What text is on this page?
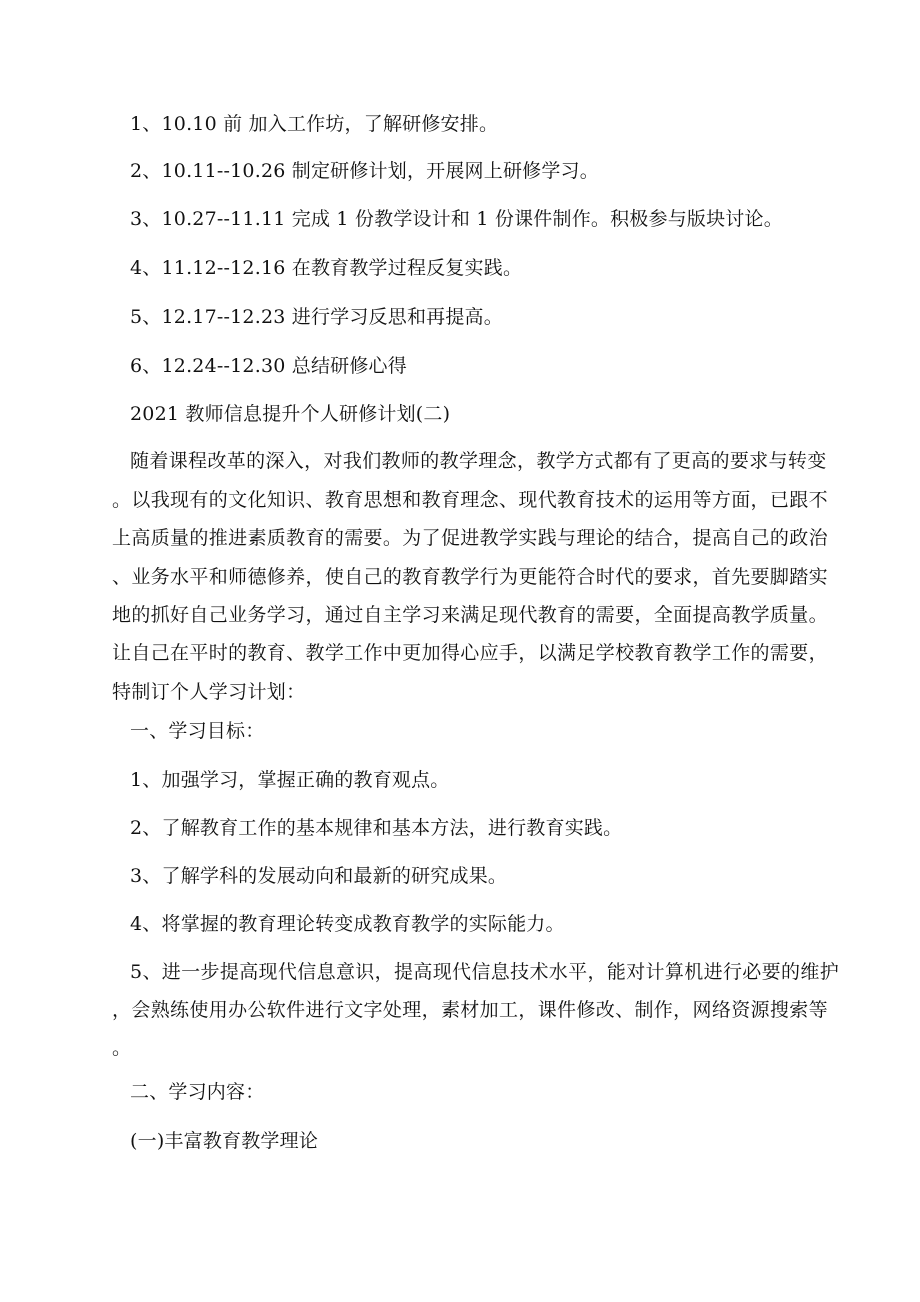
1、10.10 前 加入工作坊，了解研修安排。
2、10.11--10.26 制定研修计划，开展网上研修学习。
3、10.27--11.11 完成 1 份教学设计和 1 份课件制作。积极参与版块讨论。
4、11.12--12.16 在教育教学过程反复实践。
5、12.17--12.23 进行学习反思和再提高。
6、12.24--12.30 总结研修心得
2021 教师信息提升个人研修计划(二)
随着课程改革的深入，对我们教师的教学理念，教学方式都有了更高的要求与转变
。以我现有的文化知识、教育思想和教育理念、现代教育技术的运用等方面，已跟不
上高质量的推进素质教育的需要。为了促进教学实践与理论的结合，提高自己的政治
、业务水平和师德修养，使自己的教育教学行为更能符合时代的要求，首先要脚踏实
地的抓好自己业务学习，通过自主学习来满足现代教育的需要，全面提高教学质量。
让自己在平时的教育、教学工作中更加得心应手，以满足学校教育教学工作的需要，
特制订个人学习计划：
一、学习目标：
1、加强学习，掌握正确的教育观点。
2、了解教育工作的基本规律和基本方法，进行教育实践。
3、了解学科的发展动向和最新的研究成果。
4、将掌握的教育理论转变成教育教学的实际能力。
5、进一步提高现代信息意识，提高现代信息技术水平，能对计算机进行必要的维护
，会熟练使用办公软件进行文字处理，素材加工，课件修改、制作，网络资源搜索等
。
二、学习内容：
(一)丰富教育教学理论
